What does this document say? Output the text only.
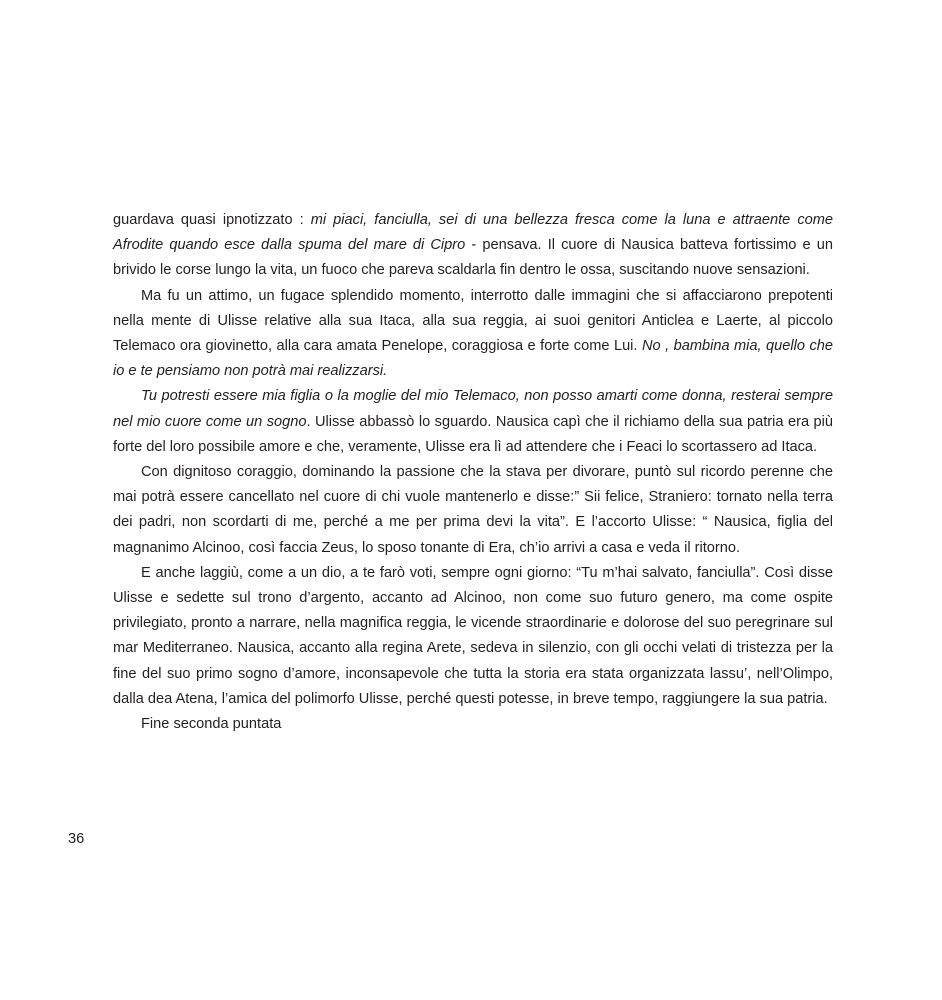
guardava quasi ipnotizzato : mi piaci, fanciulla, sei di una bellezza fresca come la luna e attraente come Afrodite quando esce dalla spuma del mare di Cipro - pensava. Il cuore di Nausica batteva fortissimo e un brivido le corse lungo la vita, un fuoco che pareva scaldarla fin dentro le ossa, suscitando nuove sensazioni.

Ma fu un attimo, un fugace splendido momento, interrotto dalle immagini che si affacciarono prepotenti nella mente di Ulisse relative alla sua Itaca, alla sua reggia, ai suoi genitori Anticlea e Laerte, al piccolo Telemaco ora giovinetto, alla cara amata Penelope, coraggiosa e forte come Lui. No , bambina mia, quello che io e te pensiamo non potrà mai realizzarsi.

Tu potresti essere mia figlia o la moglie del mio Telemaco, non posso amarti come donna, resterai sempre nel mio cuore come un sogno. Ulisse abbassò lo sguardo. Nausica capì che il richiamo della sua patria era più forte del loro possibile amore e che, veramente, Ulisse era lì ad attendere che i Feaci lo scortassero ad Itaca.

Con dignitoso coraggio, dominando la passione che la stava per divorare, puntò sul ricordo perenne che mai potrà essere cancellato nel cuore di chi vuole mantenerlo e disse:” Sii felice, Straniero: tornato nella terra dei padri, non scordarti di me, perché a me per prima devi la vita”. E l’accorto Ulisse: “ Nausica, figlia del magnanimo Alcinoo, così faccia Zeus, lo sposo tonante di Era, ch’io arrivi a casa e veda il ritorno.

E anche laggiù, come a un dio, a te farò voti, sempre ogni giorno: “Tu m’hai salvato, fanciulla”. Così disse Ulisse e sedette sul trono d’argento, accanto ad Alcinoo, non come suo futuro genero, ma come ospite privilegiato, pronto a narrare, nella magnifica reggia, le vicende straordinarie e dolorose del suo peregrinare sul mar Mediterraneo. Nausica, accanto alla regina Arete, sedeva in silenzio, con gli occhi velati di tristezza per la fine del suo primo sogno d’amore, inconsapevole che tutta la storia era stata organizzata lassu’, nell’Olimpo, dalla dea Atena, l’amica del polimorfo Ulisse, perché questi potesse, in breve tempo, raggiungere la sua patria.

Fine seconda puntata

36
